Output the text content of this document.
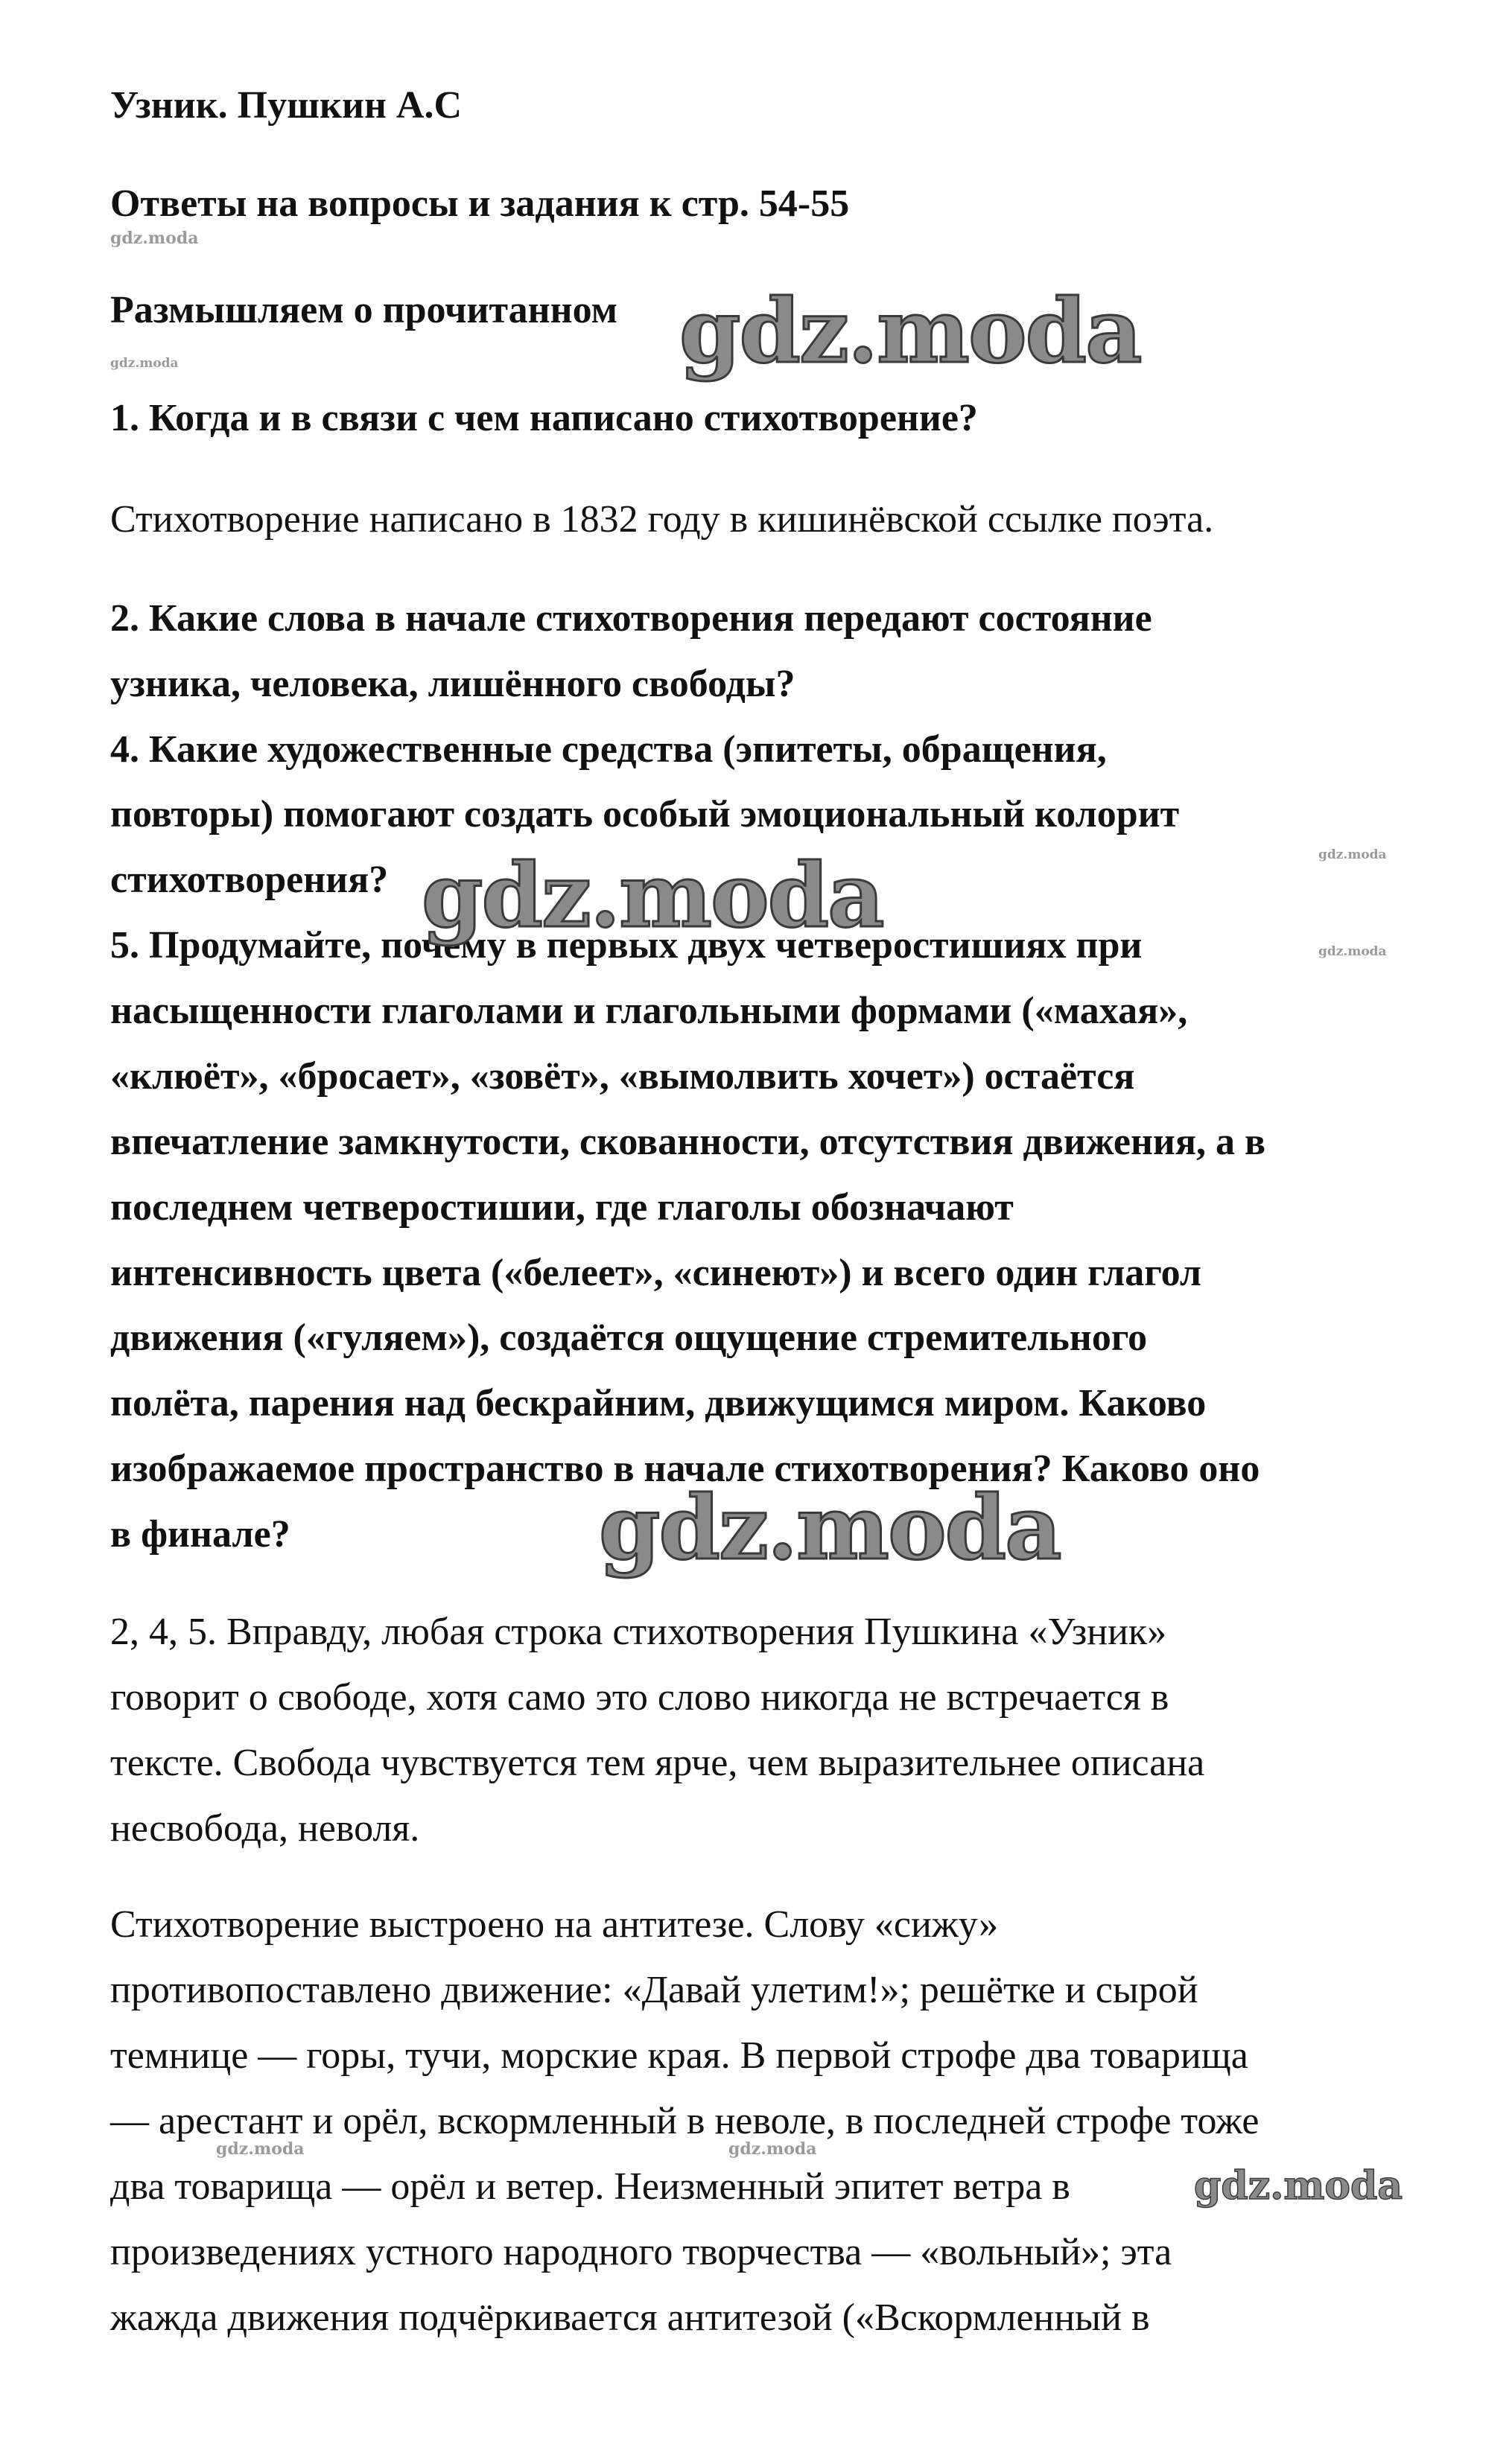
Узник. Пушкин А.С
Ответы на вопросы и задания к стр. 54-55
Размышляем о прочитанном
1. Когда и в связи с чем написано стихотворение?
Стихотворение написано в 1832 году в кишинёвской ссылке поэта.
2. Какие слова в начале стихотворения передают состояние
узника, человека, лишённого свободы?
4. Какие художественные средства (эпитеты, обращения,
повторы) помогают создать особый эмоциональный колорит
стихотворения?
5. Продумайте, почему в первых двух четверостишиях при
насыщенности глаголами и глагольными формами («махая»,
«клюёт», «бросает», «зовёт», «вымолвить хочет») остаётся
впечатление замкнутости, скованности, отсутствия движения, а в
последнем четверостишии, где глаголы обозначают
интенсивность цвета («белеет», «синеют») и всего один глагол
движения («гуляем»), создаётся ощущение стремительного
полёта, парения над бескрайним, движущимся миром. Каково
изображаемое пространство в начале стихотворения? Каково оно
в финале?
2, 4, 5. Вправду, любая строка стихотворения Пушкина «Узник»
говорит о свободе, хотя само это слово никогда не встречается в
тексте. Свобода чувствуется тем ярче, чем выразительнее описана
несвобода, неволя.
Стихотворение выстроено на антитезе. Слову «сижу»
противопоставлено движение: «Давай улетим!»; решётке и сырой
темнице — горы, тучи, морские края. В первой строфе два товарища
— арестант и орёл, вскормленный в неволе, в последней строфе тоже
два товарища — орёл и ветер. Неизменный эпитет ветра в
произведениях устного народного творчества — «вольный»; эта
жажда движения подчёркивается антитезой («Вскормленный в
gdz.moda
gdz.moda
gdz.moda
gdz.moda
gdz.moda
gdz.moda
gdz.moda
gdz.moda
gdz.moda	gdz.moda
